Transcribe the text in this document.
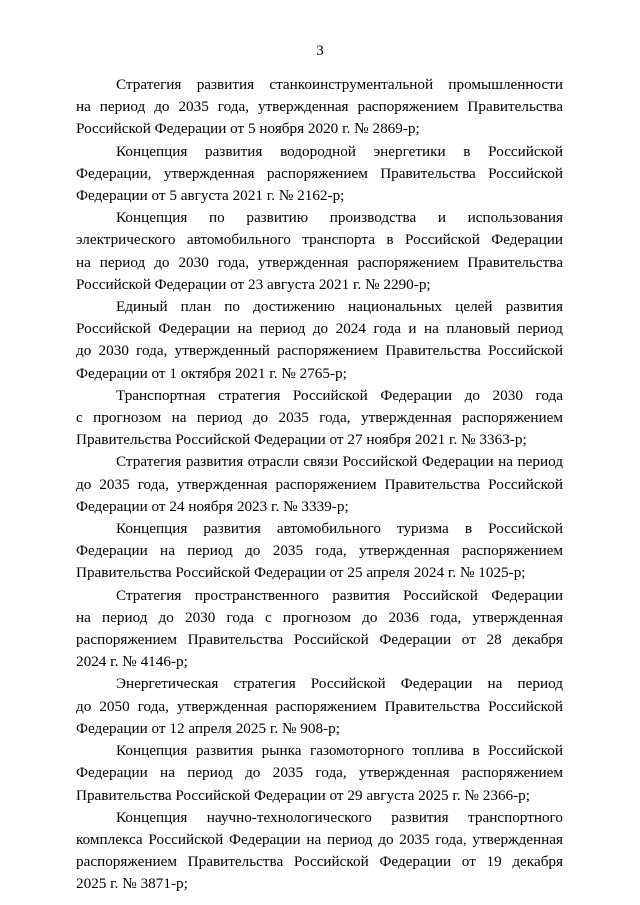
3
Стратегия развития станкоинструментальной промышленности
на период до 2035 года, утвержденная распоряжением Правительства
Российской Федерации от 5 ноября 2020 г. № 2869-р;
Концепция развития водородной энергетики в Российской
Федерации, утвержденная распоряжением Правительства Российской
Федерации от 5 августа 2021 г. № 2162-р;
Концепция по развитию производства и использования
электрического автомобильного транспорта в Российской Федерации
на период до 2030 года, утвержденная распоряжением Правительства
Российской Федерации от 23 августа 2021 г. № 2290-р;
Единый план по достижению национальных целей развития
Российской Федерации на период до 2024 года и на плановый период
до 2030 года, утвержденный распоряжением Правительства Российской
Федерации от 1 октября 2021 г. № 2765-р;
Транспортная стратегия Российской Федерации до 2030 года
с прогнозом на период до 2035 года, утвержденная распоряжением
Правительства Российской Федерации от 27 ноября 2021 г. № 3363-р;
Стратегия развития отрасли связи Российской Федерации на период
до 2035 года, утвержденная распоряжением Правительства Российской
Федерации от 24 ноября 2023 г. № 3339-р;
Концепция развития автомобильного туризма в Российской
Федерации на период до 2035 года, утвержденная распоряжением
Правительства Российской Федерации от 25 апреля 2024 г. № 1025-р;
Стратегия пространственного развития Российской Федерации
на период до 2030 года с прогнозом до 2036 года, утвержденная
распоряжением Правительства Российской Федерации от 28 декабря
2024 г. № 4146-р;
Энергетическая стратегия Российской Федерации на период
до 2050 года, утвержденная распоряжением Правительства Российской
Федерации от 12 апреля 2025 г. № 908-р;
Концепция развития рынка газомоторного топлива в Российской
Федерации на период до 2035 года, утвержденная распоряжением
Правительства Российской Федерации от 29 августа 2025 г. № 2366-р;
Концепция научно-технологического развития транспортного
комплекса Российской Федерации на период до 2035 года, утвержденная
распоряжением Правительства Российской Федерации от 19 декабря
2025 г. № 3871-р;
